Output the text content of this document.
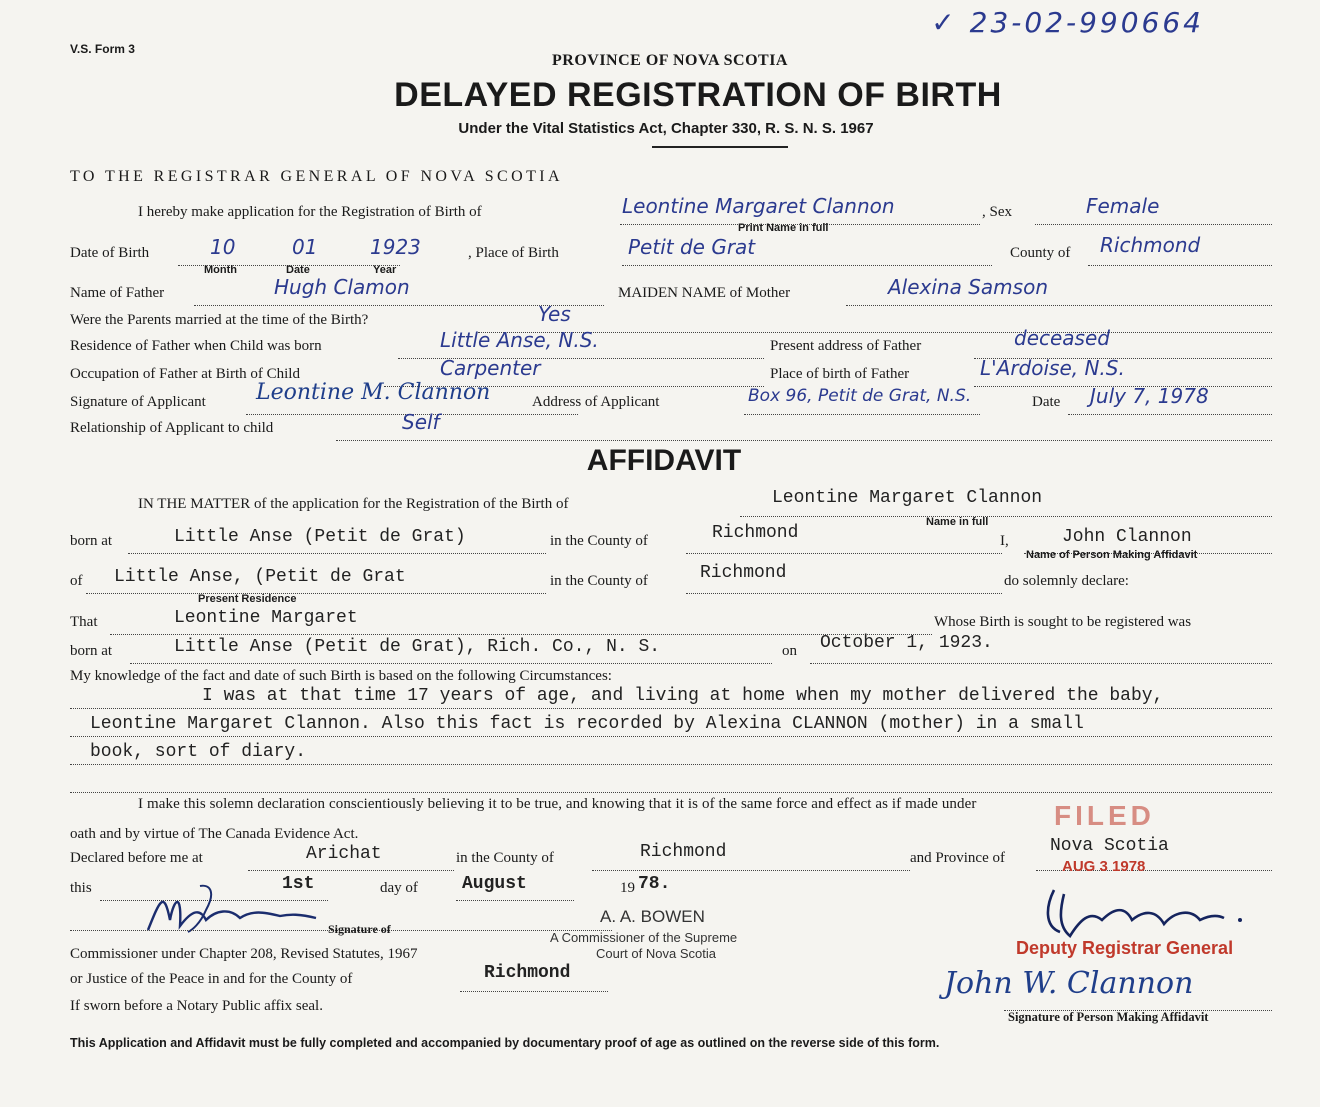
V.S. Form 3
✓ 23-02-990664
PROVINCE OF NOVA SCOTIA
DELAYED REGISTRATION OF BIRTH
Under the Vital Statistics Act, Chapter 330, R. S. N. S. 1967
TO THE REGISTRAR GENERAL OF NOVA SCOTIA
I hereby make application for the Registration of Birth of	Leontine Margaret Clannon	, Sex	Female
Print Name in full
Date of Birth	10	01	1923
Month	Date	Year
, Place of Birth	Petit de Grat	County of Richmond
Name of Father	Hugh Clamon	MAIDEN NAME of Mother	Alexina Samson
Were the Parents married at the time of the Birth?	Yes
Residence of Father when Child was born	Little Anse, N.S.	Present address of Father	deceased
Occupation of Father at Birth of Child	Carpenter	Place of birth of Father	L'Ardoise, N.S.
Signature of Applicant Leontine M. Clannon	Address of Applicant	Box 96, Petit de Grat, N.S.	Date July 7, 1978
Relationship of Applicant to child	Self
AFFIDAVIT
IN THE MATTER of the application for the Registration of the Birth of	Leontine Margaret Clannon
Name in full
born at	Little Anse (Petit de Grat)	in the County of	Richmond	I,	John Clannon
Name of Person Making Affidavit
of Little Anse, (Petit de Grat	in the County of	Richmond	do solemnly declare:
Present Residence
That	Leontine Margaret	Whose Birth is sought to be registered was
born at	Little Anse (Petit de Grat), Rich. Co., N. S.	on October 1, 1923.
My knowledge of the fact and date of such Birth is based on the following Circumstances:
I was at that time 17 years of age, and living at home when my mother delivered the baby,
Leontine Margaret Clannon. Also this fact is recorded by Alexina CLANNON (mother) in a small
book, sort of diary.
I make this solemn declaration conscientiously believing it to be true, and knowing that it is of the same force and effect as if made under
oath and by virtue of The Canada Evidence Act.
FILED
Declared before me at	Arichat	in the County of	Richmond	and Province of
Nova Scotia
AUG 3 1978
this	1st	day of August	19 78.
Signature of
Commissioner under Chapter 208, Revised Statutes, 1967
A. A. BOWEN
A Commissioner of the Supreme
Court of Nova Scotia
or Justice of the Peace in and for the County of	Richmond
If sworn before a Notary Public affix seal.
Deputy Registrar General
John W. Clannon
Signature of Person Making Affidavit
This Application and Affidavit must be fully completed and accompanied by documentary proof of age as outlined on the reverse side of this form.
